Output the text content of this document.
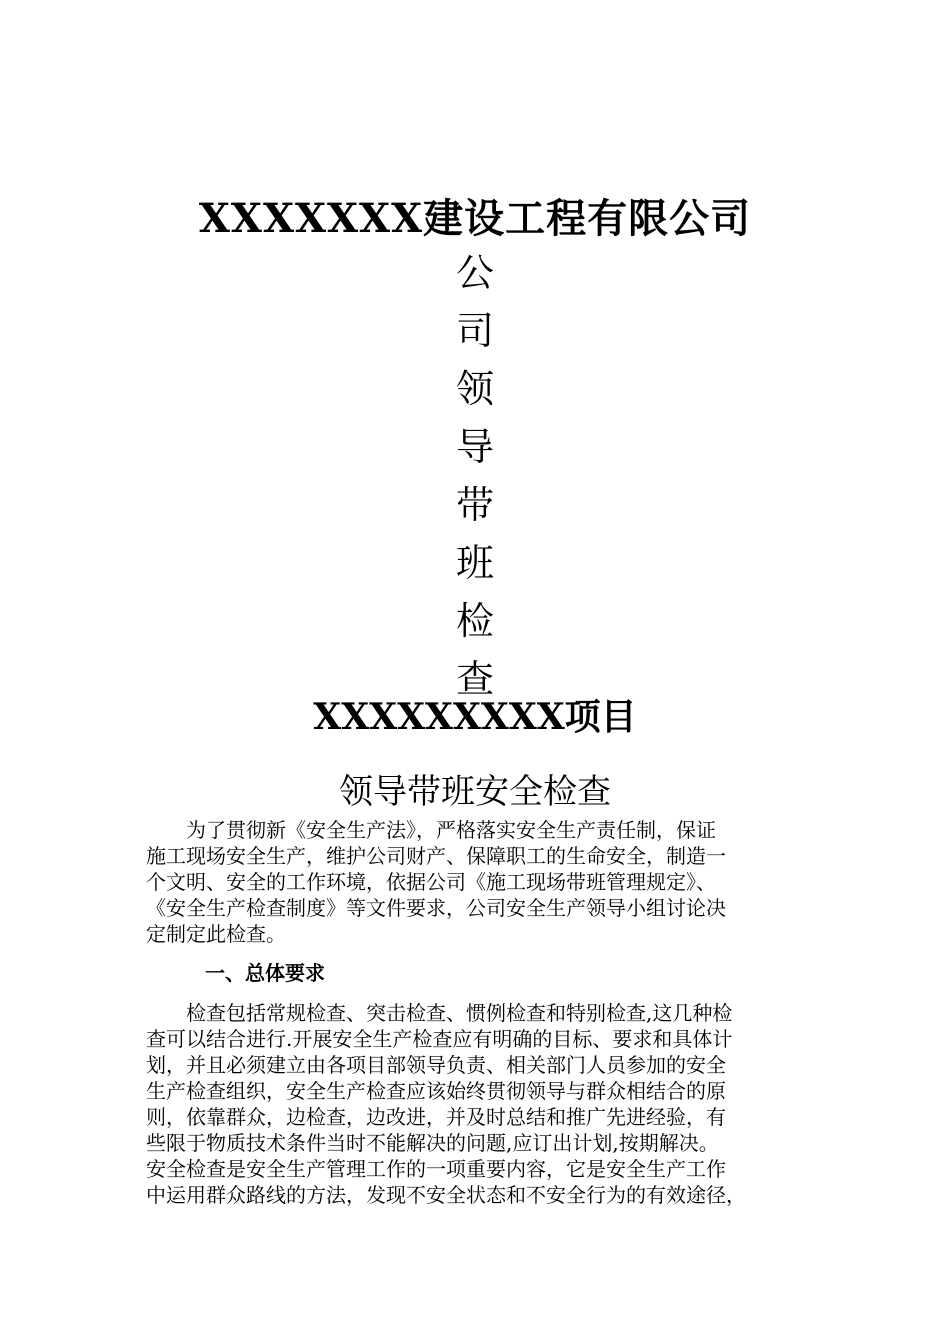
XXXXXXX建设工程有限公司
公
司
领
导
带
班
检
查
XXXXXXXXX项目
领导带班安全检查

　　为了贯彻新《安全生产法》，严格落实安全生产责任制，保证
施工现场安全生产，维护公司财产、保障职工的生命安全，制造一
个文明、安全的工作环境，依据公司《施工现场带班管理规定》、
《安全生产检查制度》等文件要求，公司安全生产领导小组讨论决
定制定此检查。

一、总体要求

　　检查包括常规检查、突击检查、惯例检查和特别检查,这几种检
查可以结合进行.开展安全生产检查应有明确的目标、要求和具体计
划，并且必须建立由各项目部领导负责、相关部门人员参加的安全
生产检查组织，安全生产检查应该始终贯彻领导与群众相结合的原
则，依靠群众，边检查，边改进，并及时总结和推广先进经验，有
些限于物质技术条件当时不能解决的问题,应订出计划,按期解决。
安全检查是安全生产管理工作的一项重要内容，它是安全生产工作
中运用群众路线的方法，发现不安全状态和不安全行为的有效途径，
